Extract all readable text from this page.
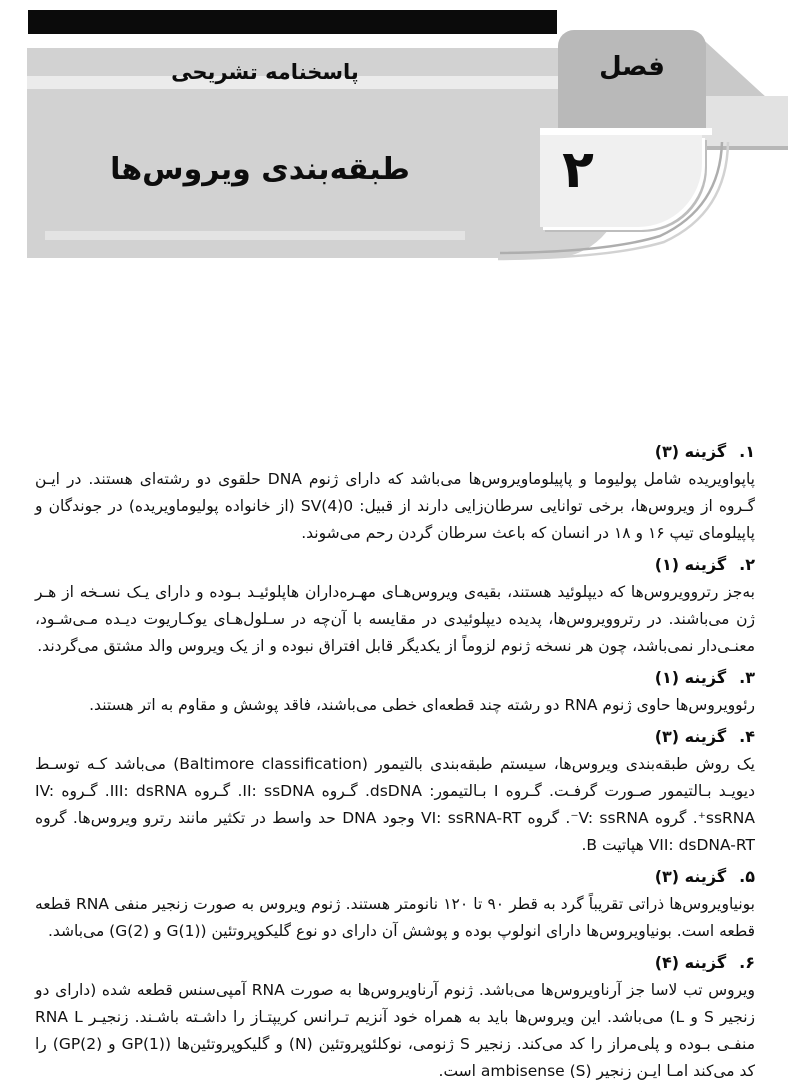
فصل
۲
پاسخنامه تشریحی
طبقه‌بندی ویروس‌ها
۱.گزینه (۳)

پاپواویریده شامل پولیوما و پاپیلوماویروس‌ها می‌باشد که دارای ژنوم DNA حلقوی دو رشته‌ای هستند. در ایـن گـروه از ویروس‌ها، برخی توانایی سرطان‌زایی دارند از قبیل: SV(4)0 (از خانواده پولیوماویریده) در جوندگان و پاپیلومای تیپ ۱۶ و ۱۸ در انسان که باعث سرطان گردن رحم می‌شوند.

۲.گزینه (۱)

به‌جز رتروویروس‌ها که دیپلوئید هستند، بقیه‌ی ویروس‌هـای مهـره‌داران هاپلوئیـد بـوده و دارای یـک نسـخه از هـر ژن می‌باشند. در رتروویروس‌ها، پدیده دیپلوئیدی در مقایسه با آن‌چه در سـلول‌هـای یوکـاریوت دیـده مـی‌شـود، معنـی‌دار نمی‌باشد، چون هر نسخه ژنوم لزوماً از یکدیگر قابل افتراق نبوده و از یک ویروس والد مشتق می‌گردند.

۳.گزینه (۱)

رئوویروس‌ها حاوی ژنوم RNA دو رشته چند قطعه‌ای خطی می‌باشند، فاقد پوشش و مقاوم به اتر هستند.

۴.گزینه (۳)

یک روش طبقه‌بندی ویروس‌ها، سیستم طبقه‌بندی بالتیمور (Baltimore classification) می‌باشد کـه توسـط دیویـد بـالتیمور صـورت گرفـت. گـروه I بـالتیمور: dsDNA. گـروه II: ssDNA. گـروه III: dsRNA. گـروه IV: ssRNA⁺. گروه V: ssRNA⁻. گروه VI: ssRNA-RT وجود DNA حد واسط در تکثیر مانند رترو ویروس‌ها. گروه VII: dsDNA-RT هپاتیت B.

۵.گزینه (۳)

بونیاویروس‌ها ذراتی تقریباً گرد به قطر ۹۰ تا ۱۲۰ نانومتر هستند. ژنوم ویروس به صورت زنجیر منفی RNA قطعه قطعه است. بونیاویروس‌ها دارای انولوپ بوده و پوشش آن دارای دو نوع گلیکوپروتئین (G(1) و G(2)) می‌باشد.

۶.گزینه (۴)

ویروس تب لاسا جز آرناویروس‌ها می‌باشد. ژنوم آرناویروس‌ها به صورت RNA آمپی‌سنس قطعه شده (دارای دو زنجیر S و L) می‌باشد. این ویروس‌ها باید به همراه خود آنزیم تـرانس کریپتـاز را داشـته باشـند. زنجیـر RNA L منفـی بـوده و پلی‌مراز را کد می‌کند. زنجیر S ژنومی، نوکلئوپروتئین (N) و گلیکوپروتئین‌ها (GP(1) و GP(2)) را کد می‌کند امـا ایـن زنجیر ambisense (S) است.
